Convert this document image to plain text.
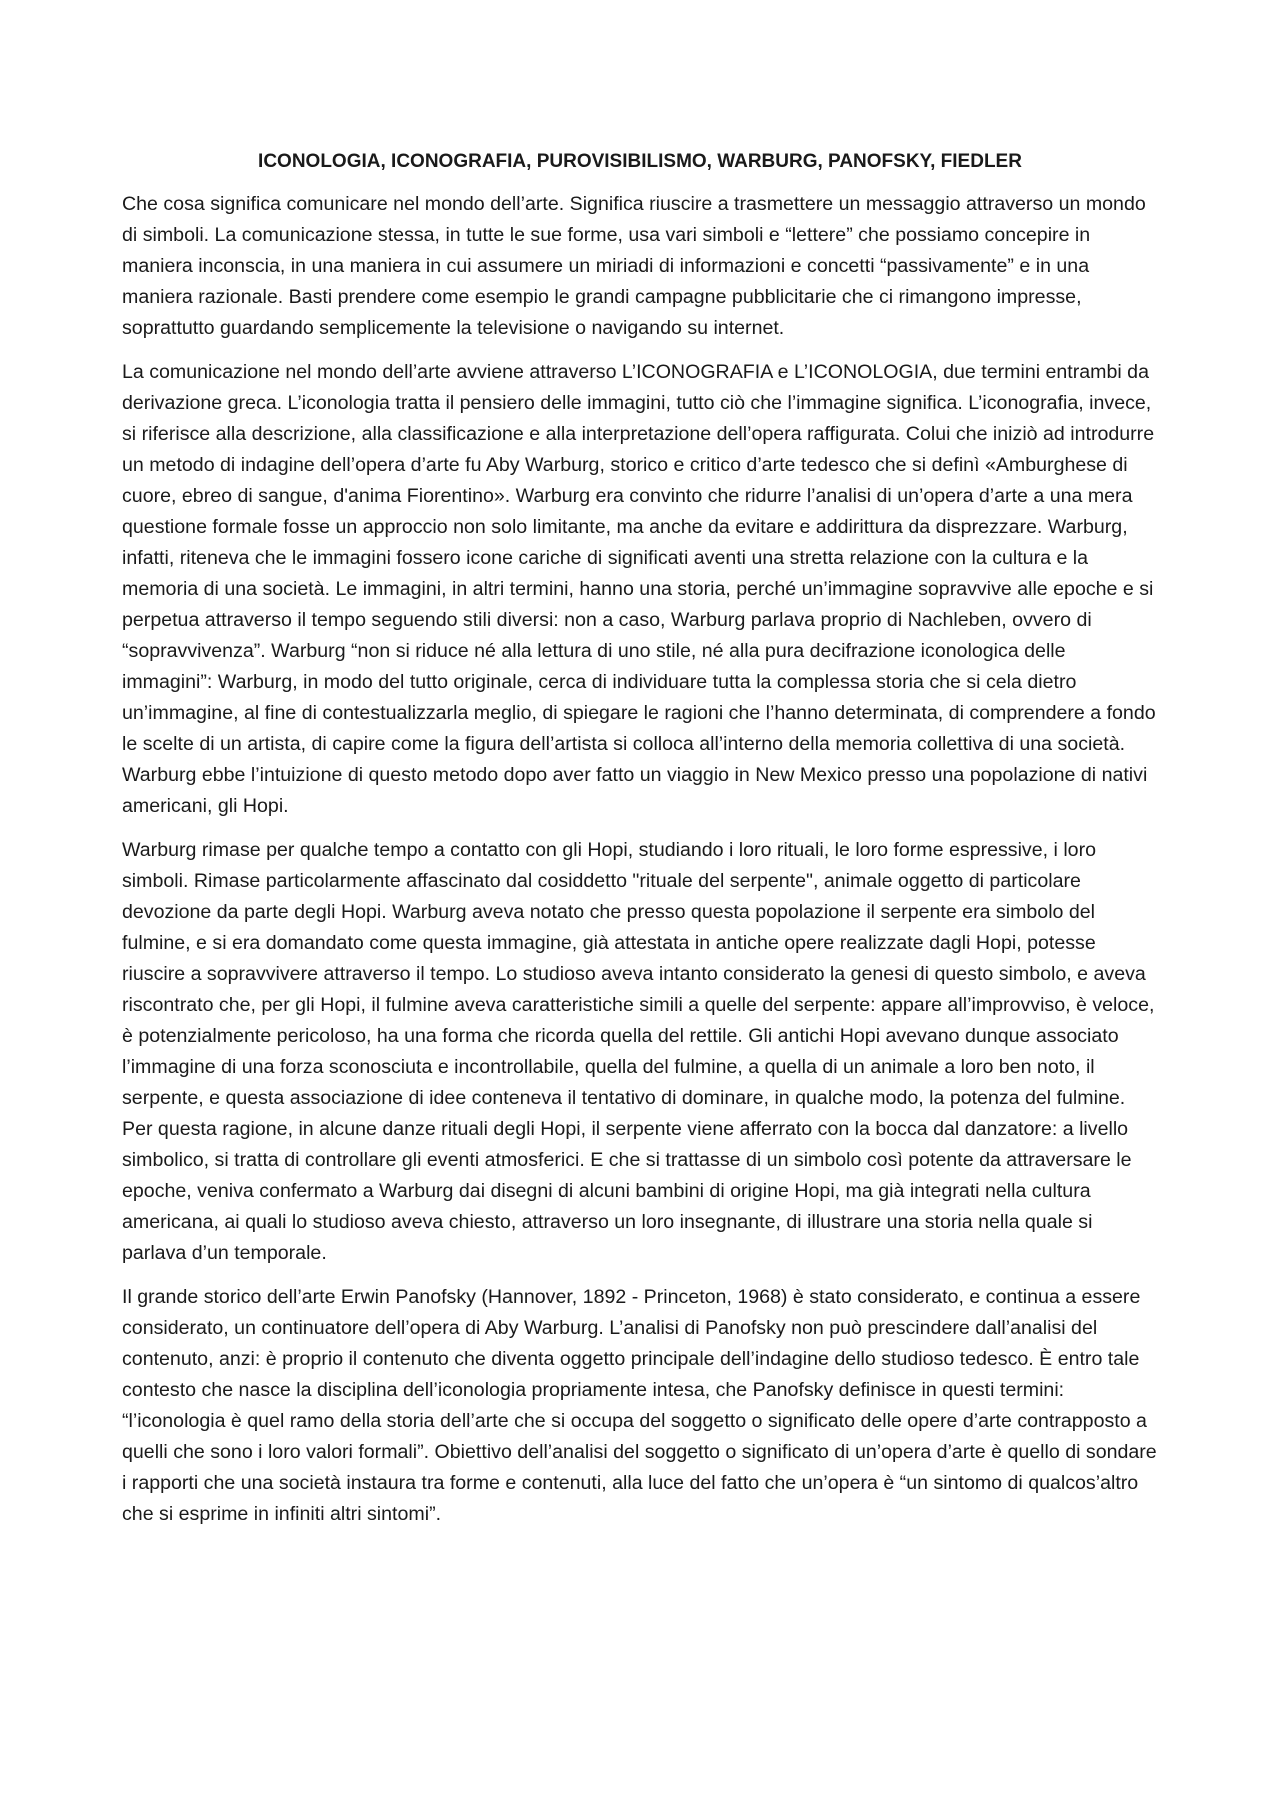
ICONOLOGIA, ICONOGRAFIA, PUROVISIBILISMO, WARBURG, PANOFSKY, FIEDLER

Che cosa significa comunicare nel mondo dell’arte. Significa riuscire a trasmettere un messaggio attraverso un mondo di simboli. La comunicazione stessa, in tutte le sue forme, usa vari simboli e “lettere” che possiamo concepire in maniera inconscia, in una maniera in cui assumere un miriadi di informazioni e concetti “passivamente” e in una maniera razionale. Basti prendere come esempio le grandi campagne pubblicitarie che ci rimangono impresse, soprattutto guardando semplicemente la televisione o navigando su internet.

La comunicazione nel mondo dell’arte avviene attraverso L’ICONOGRAFIA e L’ICONOLOGIA, due termini entrambi da derivazione greca. L’iconologia tratta il pensiero delle immagini, tutto ciò che l’immagine significa. L’iconografia, invece, si riferisce alla descrizione, alla classificazione e alla interpretazione dell’opera raffigurata. Colui che iniziò ad introdurre un metodo di indagine dell’opera d’arte fu Aby Warburg, storico e critico d’arte tedesco che si definì «Amburghese di cuore, ebreo di sangue, d'anima Fiorentino». Warburg era convinto che ridurre l’analisi di un’opera d’arte a una mera questione formale fosse un approccio non solo limitante, ma anche da evitare e addirittura da disprezzare. Warburg, infatti, riteneva che le immagini fossero icone cariche di significati aventi una stretta relazione con la cultura e la memoria di una società. Le immagini, in altri termini, hanno una storia, perché un’immagine sopravvive alle epoche e si perpetua attraverso il tempo seguendo stili diversi: non a caso, Warburg parlava proprio di Nachleben, ovvero di “sopravvivenza”. Warburg “non si riduce né alla lettura di uno stile, né alla pura decifrazione iconologica delle immagini”: Warburg, in modo del tutto originale, cerca di individuare tutta la complessa storia che si cela dietro un’immagine, al fine di contestualizzarla meglio, di spiegare le ragioni che l’hanno determinata, di comprendere a fondo le scelte di un artista, di capire come la figura dell’artista si colloca all’interno della memoria collettiva di una società. Warburg ebbe l’intuizione di questo metodo dopo aver fatto un viaggio in New Mexico presso una popolazione di nativi americani, gli Hopi.

Warburg rimase per qualche tempo a contatto con gli Hopi, studiando i loro rituali, le loro forme espressive, i loro simboli. Rimase particolarmente affascinato dal cosiddetto "rituale del serpente", animale oggetto di particolare devozione da parte degli Hopi. Warburg aveva notato che presso questa popolazione il serpente era simbolo del fulmine, e si era domandato come questa immagine, già attestata in antiche opere realizzate dagli Hopi, potesse riuscire a sopravvivere attraverso il tempo. Lo studioso aveva intanto considerato la genesi di questo simbolo, e aveva riscontrato che, per gli Hopi, il fulmine aveva caratteristiche simili a quelle del serpente: appare all’improvviso, è veloce, è potenzialmente pericoloso, ha una forma che ricorda quella del rettile. Gli antichi Hopi avevano dunque associato l’immagine di una forza sconosciuta e incontrollabile, quella del fulmine, a quella di un animale a loro ben noto, il serpente, e questa associazione di idee conteneva il tentativo di dominare, in qualche modo, la potenza del fulmine. Per questa ragione, in alcune danze rituali degli Hopi, il serpente viene afferrato con la bocca dal danzatore: a livello simbolico, si tratta di controllare gli eventi atmosferici. E che si trattasse di un simbolo così potente da attraversare le epoche, veniva confermato a Warburg dai disegni di alcuni bambini di origine Hopi, ma già integrati nella cultura americana, ai quali lo studioso aveva chiesto, attraverso un loro insegnante, di illustrare una storia nella quale si parlava d’un temporale.

Il grande storico dell’arte Erwin Panofsky (Hannover, 1892 - Princeton, 1968) è stato considerato, e continua a essere considerato, un continuatore dell’opera di Aby Warburg. L’analisi di Panofsky non può prescindere dall’analisi del contenuto, anzi: è proprio il contenuto che diventa oggetto principale dell’indagine dello studioso tedesco. È entro tale contesto che nasce la disciplina dell’iconologia propriamente intesa, che Panofsky definisce in questi termini: “l’iconologia è quel ramo della storia dell’arte che si occupa del soggetto o significato delle opere d’arte contrapposto a quelli che sono i loro valori formali”. Obiettivo dell’analisi del soggetto o significato di un’opera d’arte è quello di sondare i rapporti che una società instaura tra forme e contenuti, alla luce del fatto che un’opera è “un sintomo di qualcos’altro che si esprime in infiniti altri sintomi”.
